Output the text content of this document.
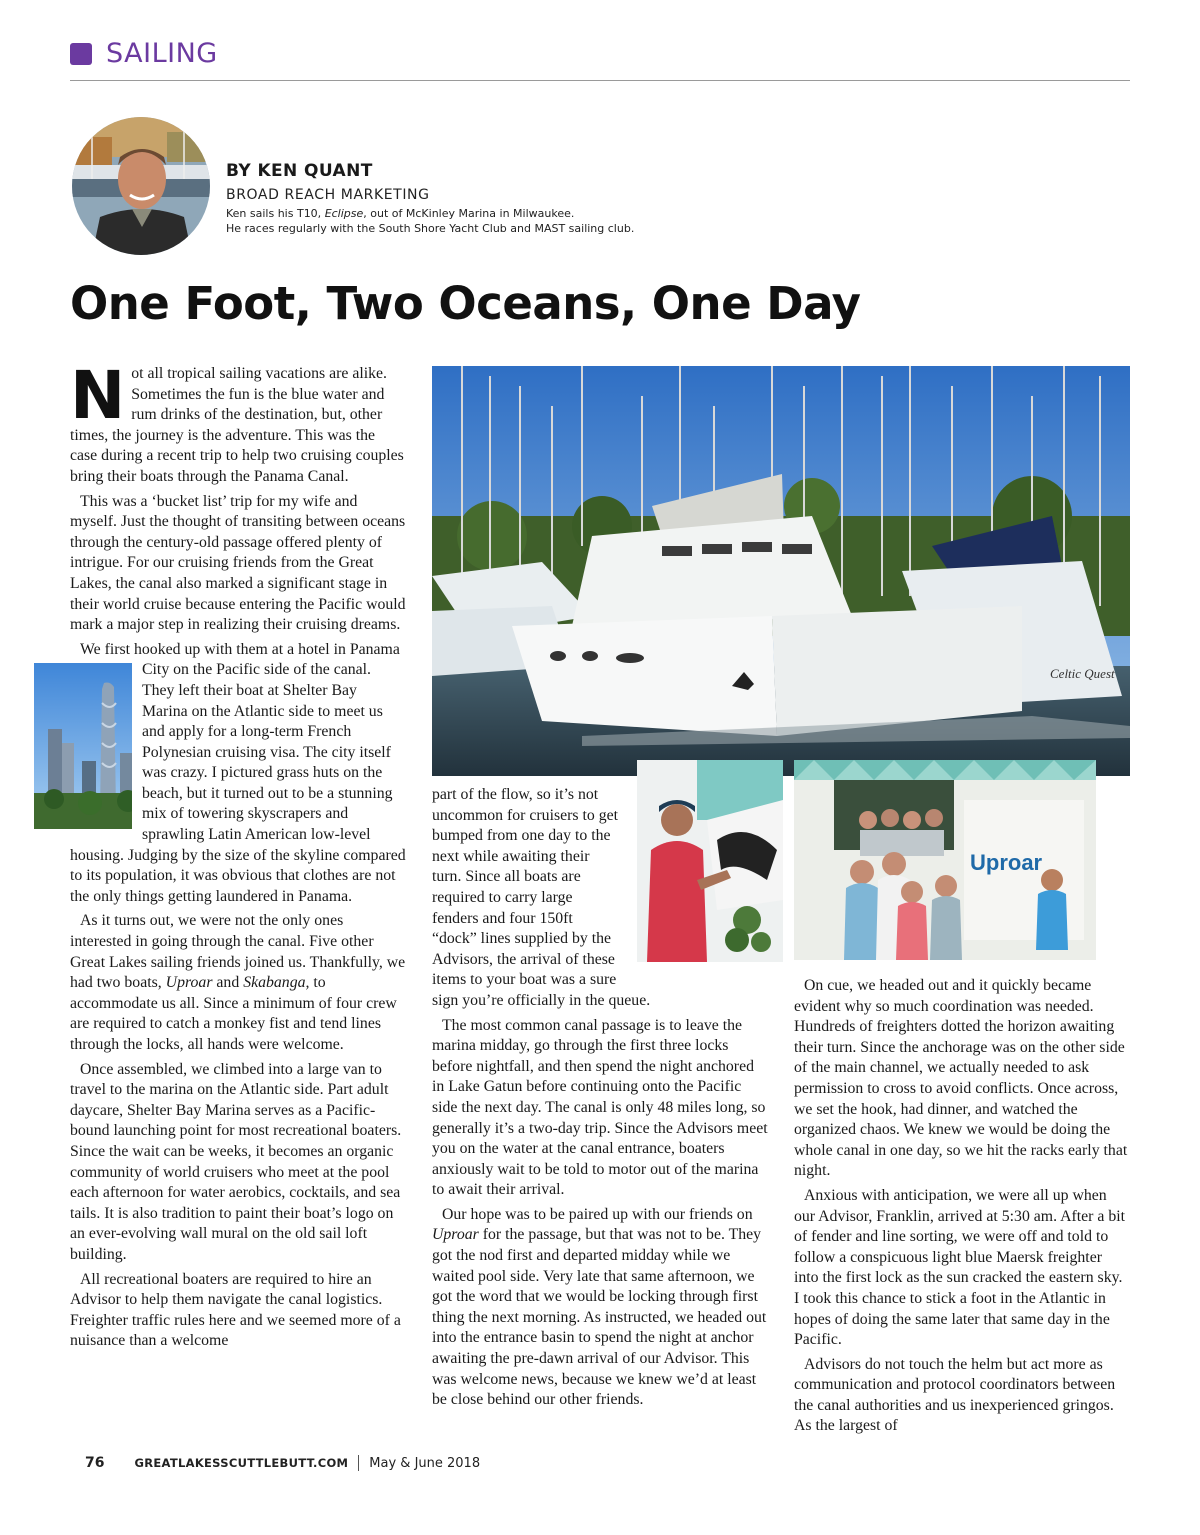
SAILING

BY KEN QUANT

BROAD REACH MARKETING

Ken sails his T10, Eclipse, out of McKinley Marina in Milwaukee.
He races regularly with the South Shore Yacht Club and MAST sailing club.

One Foot, Two Oceans, One Day

Not all tropical sailing vacations are alike. Sometimes the fun is the blue water and rum drinks of the destination, but, other times, the journey is the adventure. This was the case during a recent trip to help two cruising couples bring their boats through the Panama Canal.

This was a ‘bucket list’ trip for my wife and myself. Just the thought of transiting between oceans through the century-old passage offered plenty of intrigue. For our cruising friends from the Great Lakes, the canal also marked a significant stage in their world cruise because entering the Pacific would mark a major step in realizing their cruising dreams.

We first hooked up with them at a hotel in Panama City on the Pacific side of the canal.
They left their boat at Shelter Bay Marina on the Atlantic side to meet us and apply for a long-term French Polynesian cruising visa. The city itself was crazy. I pictured grass huts on the beach, but it turned out to be a stunning mix of towering skyscrapers and sprawling Latin American low-level housing. Judging by the size of the skyline compared to its population, it was obvious that clothes are not the only things getting laundered in Panama.

As it turns out, we were not the only ones interested in going through the canal. Five other Great Lakes sailing friends joined us. Thankfully, we had two boats, Uproar and Skabanga, to accommodate us all. Since a minimum of four crew are required to catch a monkey fist and tend lines through the locks, all hands were welcome.

Once assembled, we climbed into a large van to travel to the marina on the Atlantic side. Part adult daycare, Shelter Bay Marina serves as a Pacific-bound launching point for most recreational boaters. Since the wait can be weeks, it becomes an organic community of world cruisers who meet at the pool each afternoon for water aerobics, cocktails, and sea tails. It is also tradition to paint their boat’s logo on an ever-evolving wall mural on the old sail loft building.

All recreational boaters are required to hire an Advisor to help them navigate the canal logistics. Freighter traffic rules here and we seemed more of a nuisance than a welcome

Celtic Quest
Uproar

part of the flow, so it’s not uncommon for cruisers to get bumped from one day to the next while awaiting their turn. Since all boats are required to carry large fenders and four 150ft “dock” lines supplied by the Advisors, the arrival of these items to your boat was a sure sign you’re officially in the queue.

The most common canal passage is to leave the marina midday, go through the first three locks before nightfall, and then spend the night anchored in Lake Gatun before continuing onto the Pacific side the next day. The canal is only 48 miles long, so generally it’s a two-day trip. Since the Advisors meet you on the water at the canal entrance, boaters anxiously wait to be told to motor out of the marina to await their arrival.

Our hope was to be paired up with our friends on Uproar for the passage, but that was not to be. They got the nod first and departed midday while we waited pool side. Very late that same afternoon, we got the word that we would be locking through first thing the next morning. As instructed, we headed out into the entrance basin to spend the night at anchor awaiting the pre-dawn arrival of our Advisor. This was welcome news, because we knew we’d at least be close behind our other friends.

On cue, we headed out and it quickly became evident why so much coordination was needed. Hundreds of freighters dotted the horizon awaiting their turn. Since the anchorage was on the other side of the main channel, we actually needed to ask permission to cross to avoid conflicts. Once across, we set the hook, had dinner, and watched the organized chaos. We knew we would be doing the whole canal in one day, so we hit the racks early that night.

Anxious with anticipation, we were all up when our Advisor, Franklin, arrived at 5:30 am. After a bit of fender and line sorting, we were off and told to follow a conspicuous light blue Maersk freighter into the first lock as the sun cracked the eastern sky. I took this chance to stick a foot in the Atlantic in hopes of doing the same later that same day in the Pacific.

Advisors do not touch the helm but act more as communication and protocol coordinators between the canal authorities and us inexperienced gringos. As the largest of

76	GREATLAKESSCUTTLEBUTT.COM May & June 2018
